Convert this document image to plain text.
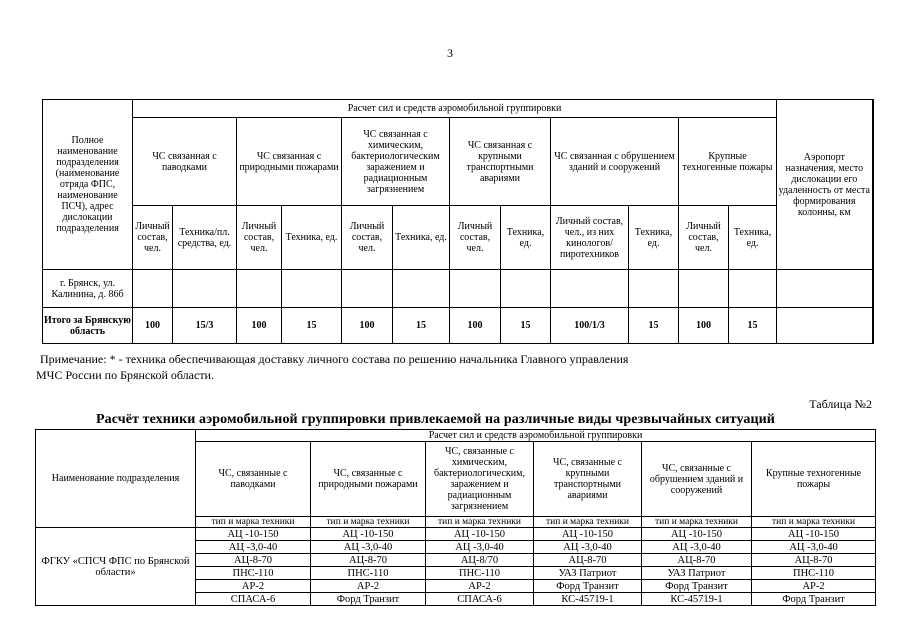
3
Полное наименование подразделения (наименование отряда ФПС, наименование ПСЧ), адрес дислокации подразделения	Расчет сил и средств аэромобильной группировки												Аэропорт назначения, место дислокации его удаленность от места формирования колонны, км
	ЧС связанная с паводками		ЧС связанная с природными пожарами		ЧС связанная с химическим, бактериологическим заражением и радиационным загрязнением		ЧС связанная с крупными транспортными авариями		ЧС связанная с обрушением зданий и сооружений		Крупные техногенные пожары		
	Личный состав, чел.	Техника/пл. средства, ед.	Личный состав, чел.	Техника, ед.	Личный состав, чел.	Техника, ед.	Личный состав, чел.	Техника, ед.	Личный состав, чел., из них кинологов/ пиротехников	Техника, ед.	Личный состав, чел.	Техника, ед.	
г. Брянск, ул. Калинина, д. 86б													
Итого за Брянскую область	100	15/3	100	15	100	15	100	15	100/1/3	15	100	15	
Примечание: * - техника обеспечивающая доставку личного состава по решению начальника Главного управления
МЧС России по Брянской области.
Таблица №2
Расчёт техники аэромобильной группировки привлекаемой на различные виды чрезвычайных ситуаций
Наименование подразделения	Расчет сил и средств аэромобильной группировки					
	ЧС, связанные с паводками	ЧС, связанные с природными пожарами	ЧС, связанные с химическим, бактериологическим, заражением и радиационным загрязнением	ЧС, связанные с крупными транспортными авариями	ЧС, связанные с обрушением зданий и сооружений	Крупные техногенные пожары
	тип и марка техники	тип и марка техники	тип и марка техники	тип и марка техники	тип и марка техники	тип и марка техники
ФГКУ «СПСЧ ФПС по Брянской области»	АЦ -10-150	АЦ -10-150	АЦ -10-150	АЦ -10-150	АЦ -10-150	АЦ -10-150
	АЦ -3,0-40	АЦ -3,0-40	АЦ -3,0-40	АЦ -3,0-40	АЦ -3,0-40	АЦ -3,0-40
	АЦ-8-70	АЦ-8-70	АЦ-8/70	АЦ-8-70	АЦ-8-70	АЦ-8-70
	ПНС-110	ПНС-110	ПНС-110	УАЗ Патриот	УАЗ Патриот	ПНС-110
	АР-2	АР-2	АР-2	Форд Транзит	Форд Транзит	АР-2
	СПАСА-6	Форд Транзит	СПАСА-6	КС-45719-1	КС-45719-1	Форд Транзит
